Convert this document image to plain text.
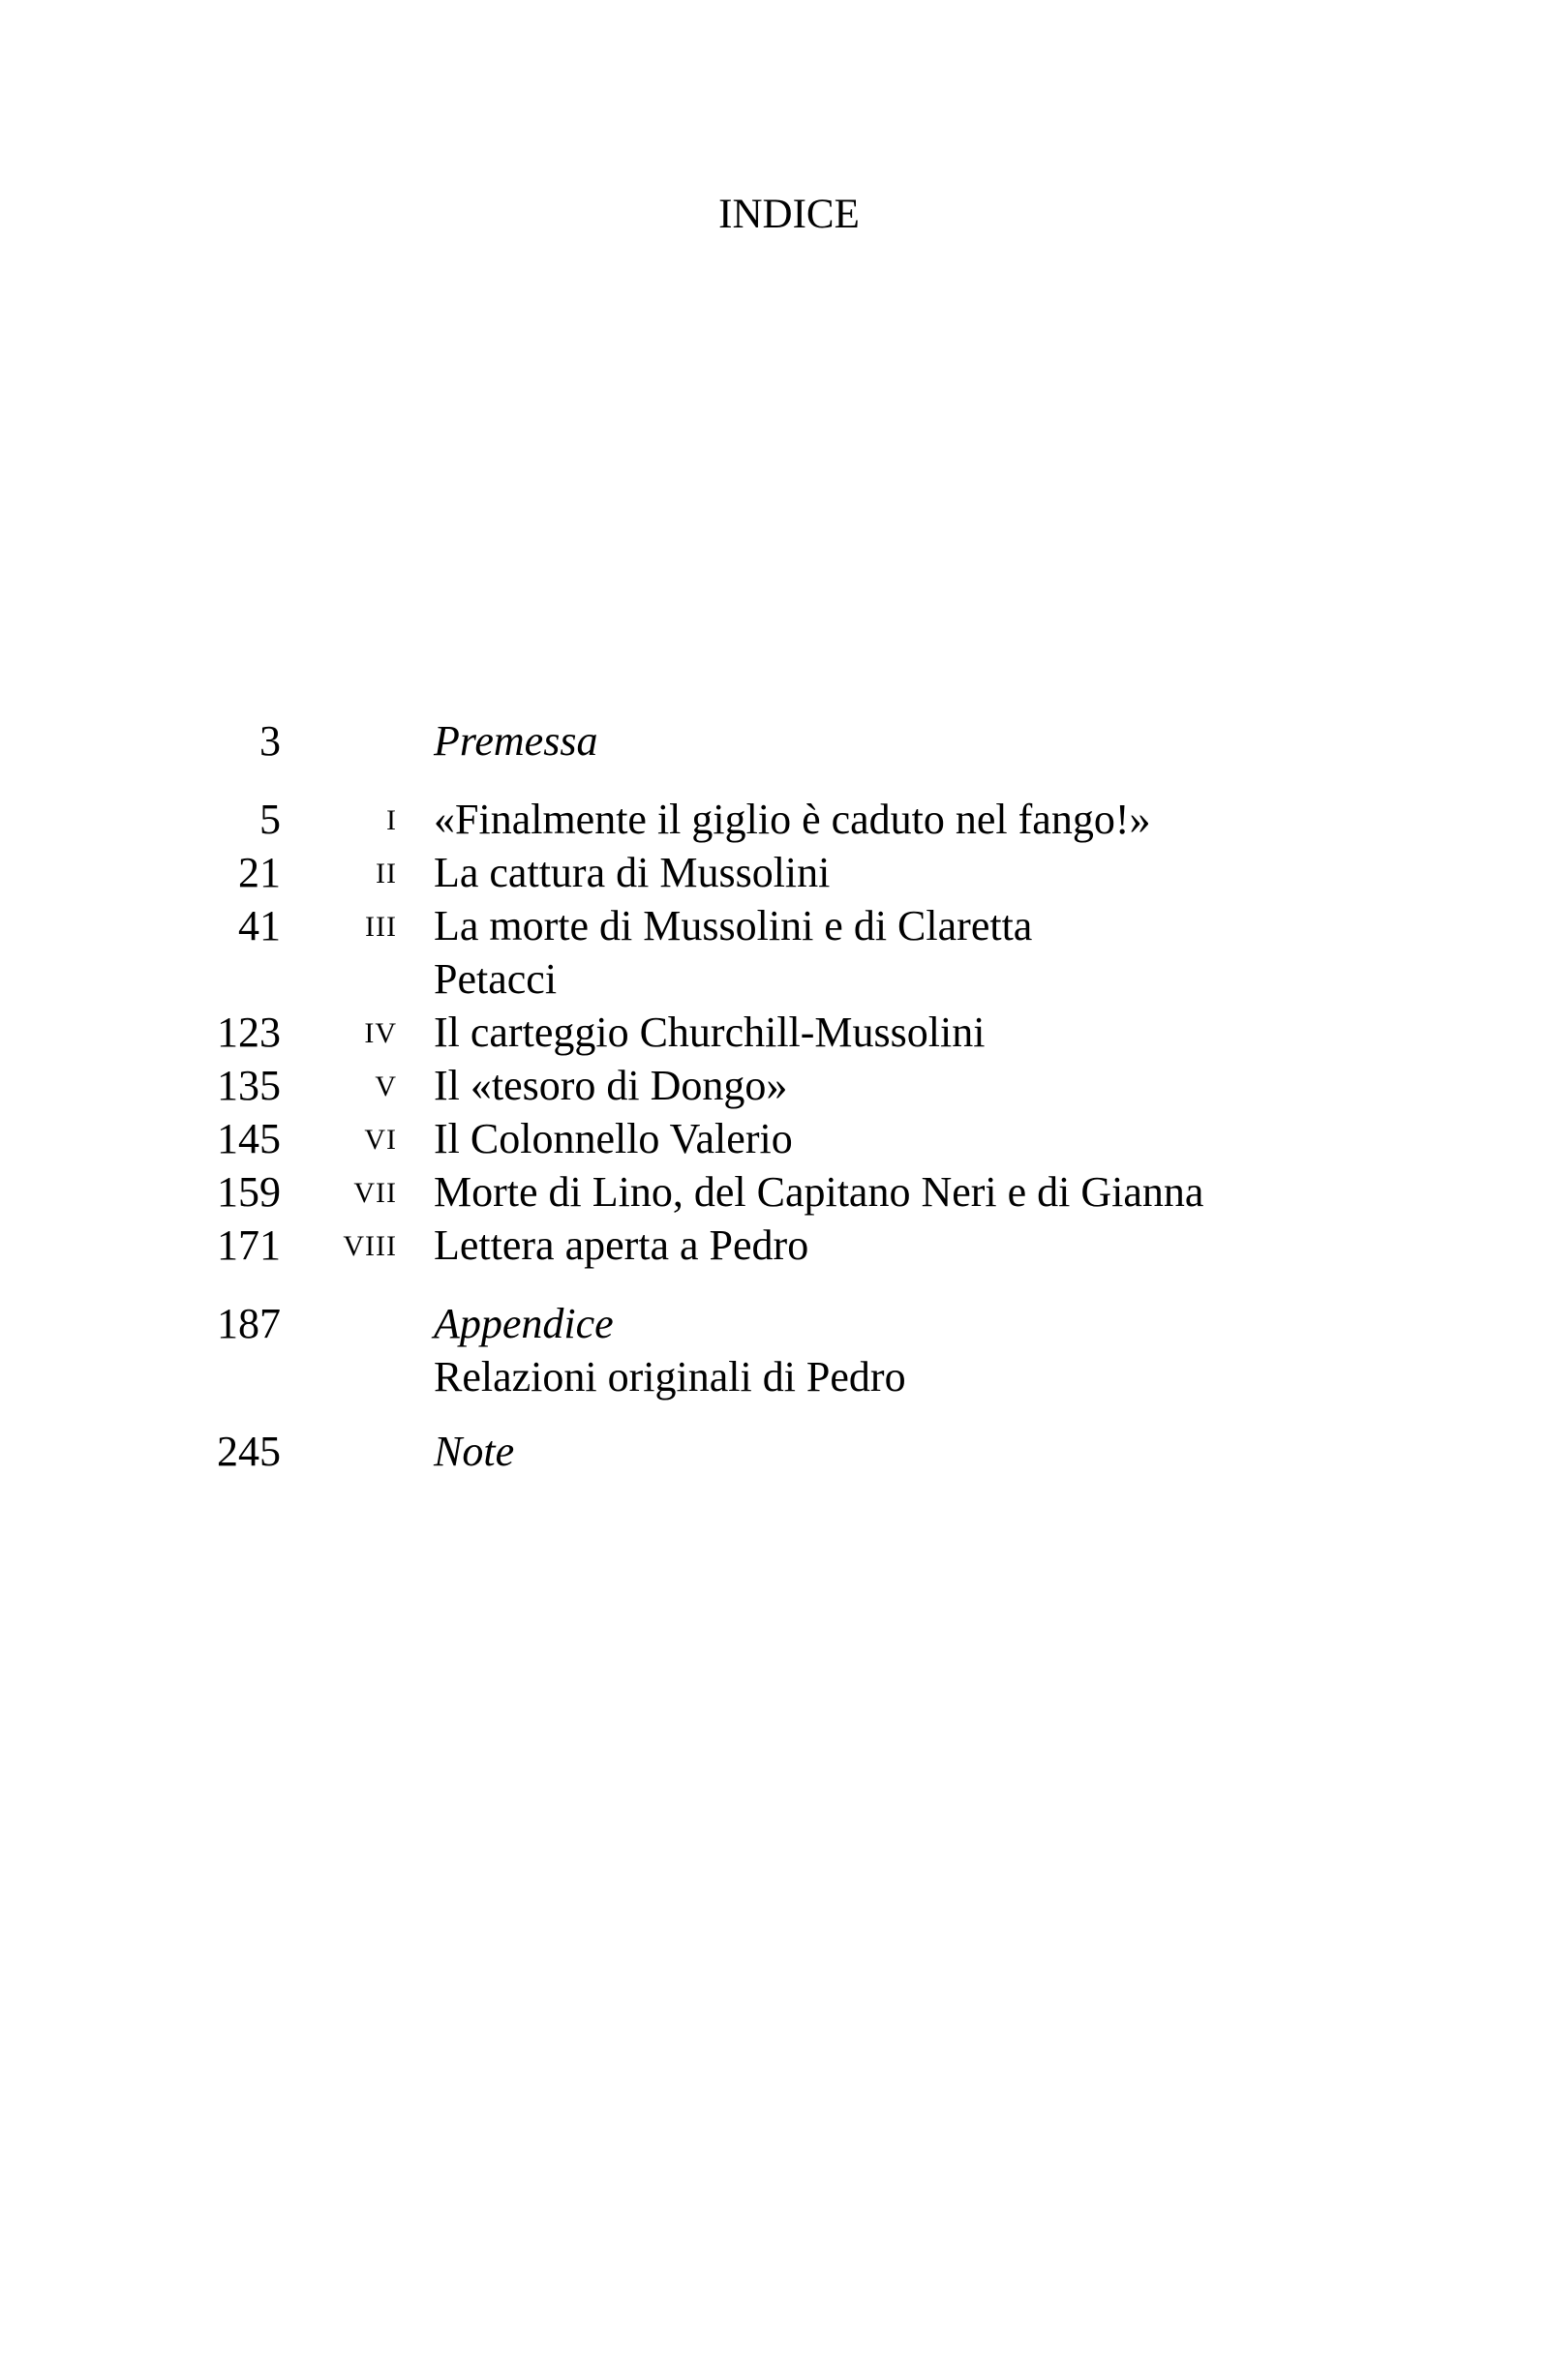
INDICE
3	Premessa
5	I «Finalmente il giglio è caduto nel fango!»
21	II La cattura di Mussolini
41	III La morte di Mussolini e di Claretta
Petacci
123	IV Il carteggio Churchill-Mussolini
135	V Il «tesoro di Dongo»
145	VI Il Colonnello Valerio
159	VII Morte di Lino, del Capitano Neri e di Gianna
171	VIII Lettera aperta a Pedro
187	Appendice
Relazioni originali di Pedro
245	Note
